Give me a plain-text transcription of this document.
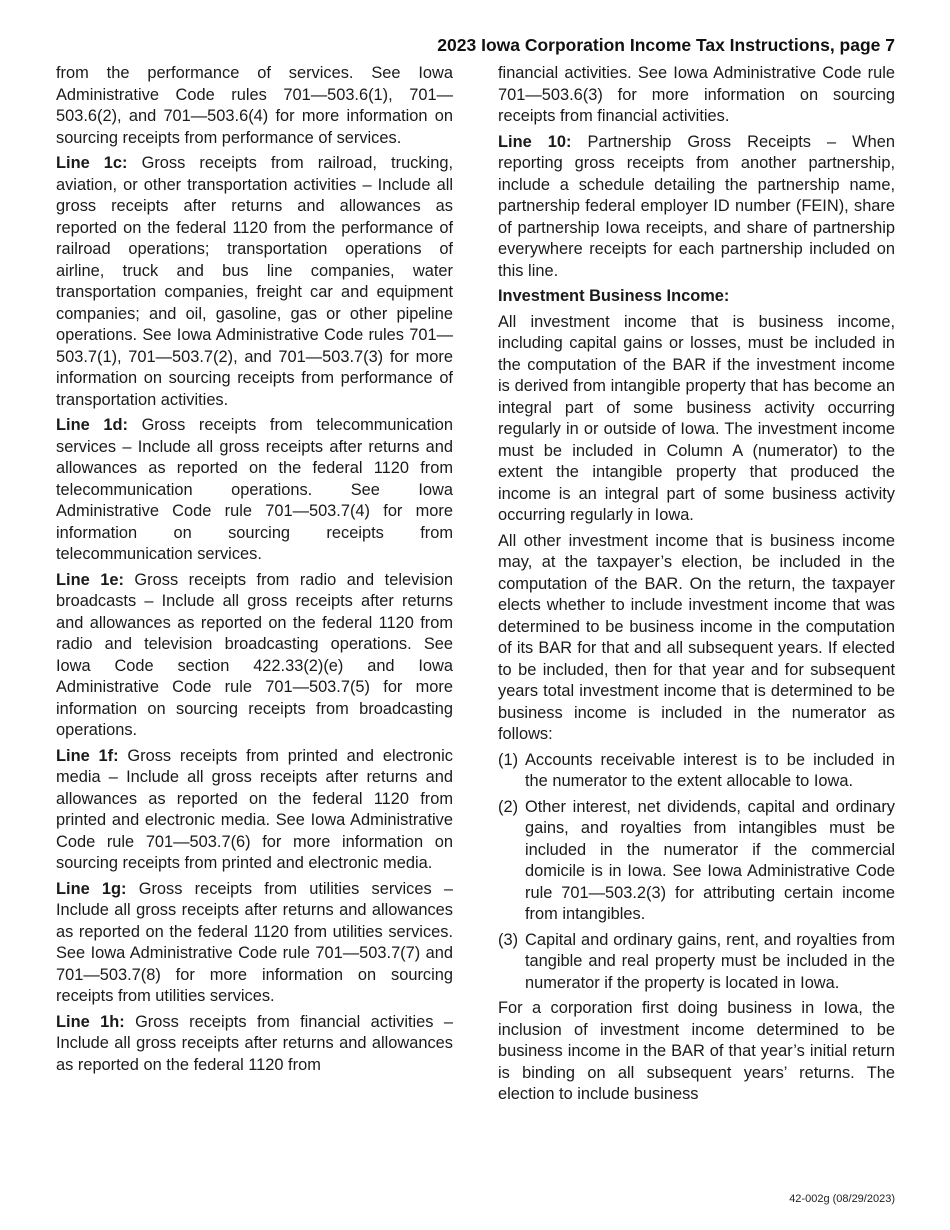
2023 Iowa Corporation Income Tax Instructions, page 7

from the performance of services. See Iowa Administrative Code rules 701—503.6(1), 701—503.6(2), and 701—503.6(4) for more information on sourcing receipts from performance of services.

Line 1c: Gross receipts from railroad, trucking, aviation, or other transportation activities – Include all gross receipts after returns and allowances as reported on the federal 1120 from the performance of railroad operations; transportation operations of airline, truck and bus line companies, water transportation companies, freight car and equipment companies; and oil, gasoline, gas or other pipeline operations. See Iowa Administrative Code rules 701—503.7(1), 701—503.7(2), and 701—503.7(3) for more information on sourcing receipts from performance of transportation activities.

Line 1d: Gross receipts from telecommunication services – Include all gross receipts after returns and allowances as reported on the federal 1120 from telecommunication operations. See Iowa Administrative Code rule 701—503.7(4) for more information on sourcing receipts from telecommunication services.

Line 1e: Gross receipts from radio and television broadcasts – Include all gross receipts after returns and allowances as reported on the federal 1120 from radio and television broadcasting operations. See Iowa Code section 422.33(2)(e) and Iowa Administrative Code rule 701—503.7(5) for more information on sourcing receipts from broadcasting operations.

Line 1f: Gross receipts from printed and electronic media – Include all gross receipts after returns and allowances as reported on the federal 1120 from printed and electronic media. See Iowa Administrative Code rule 701—503.7(6) for more information on sourcing receipts from printed and electronic media.

Line 1g: Gross receipts from utilities services – Include all gross receipts after returns and allowances as reported on the federal 1120 from utilities services. See Iowa Administrative Code rule 701—503.7(7) and 701—503.7(8) for more information on sourcing receipts from utilities services.

Line 1h: Gross receipts from financial activities – Include all gross receipts after returns and allowances as reported on the federal 1120 from

financial activities. See Iowa Administrative Code rule 701—503.6(3) for more information on sourcing receipts from financial activities.

Line 10: Partnership Gross Receipts – When reporting gross receipts from another partnership, include a schedule detailing the partnership name, partnership federal employer ID number (FEIN), share of partnership Iowa receipts, and share of partnership everywhere receipts for each partnership included on this line.

Investment Business Income:

All investment income that is business income, including capital gains or losses, must be included in the computation of the BAR if the investment income is derived from intangible property that has become an integral part of some business activity occurring regularly in or outside of Iowa. The investment income must be included in Column A (numerator) to the extent the intangible property that produced the income is an integral part of some business activity occurring regularly in Iowa.

All other investment income that is business income may, at the taxpayer’s election, be included in the computation of the BAR. On the return, the taxpayer elects whether to include investment income that was determined to be business income in the computation of its BAR for that and all subsequent years. If elected to be included, then for that year and for subsequent years total investment income that is determined to be business income is included in the numerator as follows:

(1) Accounts receivable interest is to be included in the numerator to the extent allocable to Iowa.
(2) Other interest, net dividends, capital and ordinary gains, and royalties from intangibles must be included in the numerator if the commercial domicile is in Iowa. See Iowa Administrative Code rule 701—503.2(3) for attributing certain income from intangibles.
(3) Capital and ordinary gains, rent, and royalties from tangible and real property must be included in the numerator if the property is located in Iowa.

For a corporation first doing business in Iowa, the inclusion of investment income determined to be business income in the BAR of that year’s initial return is binding on all subsequent years’ returns. The election to include business

42-002g (08/29/2023)
